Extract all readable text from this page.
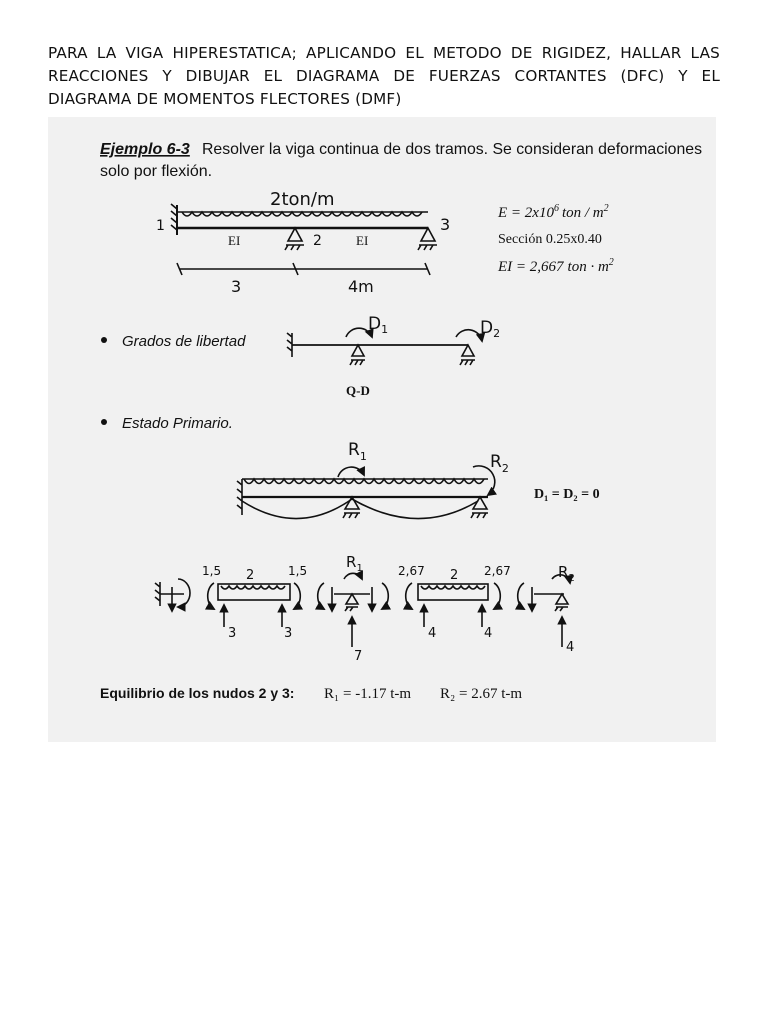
PARA LA VIGA HIPERESTATICA; APLICANDO EL METODO DE RIGIDEZ, HALLAR LAS
REACCIONES Y DIBUJAR EL DIAGRAMA DE FUERZAS CORTANTES (DFC) Y EL
DIAGRAMA DE MOMENTOS FLECTORES (DMF)
Ejemplo 6-3 Resolver la viga continua de dos tramos. Se consideran deformaciones
solo por flexión.
2ton/m
1
2
3
EI	EI
3	4m
$E = 2x10^6$ ton / $m^2$
Sección 0.25x0.40
EI = 2,667 ton · $m^2$
Grados de libertad
$D_1$	$D_2$
Q-D
Estado Primario.
$R_1$	$R_2$
D₁ = D₂ = 0
1,5 2	1,5
3	3
$R_1$
7
2,67 2 2,67
4	4
$R_2$
4
Equilibrio de los nudos 2 y 3: R₁ = -1.17 t-m R₂ = 2.67 t-m
